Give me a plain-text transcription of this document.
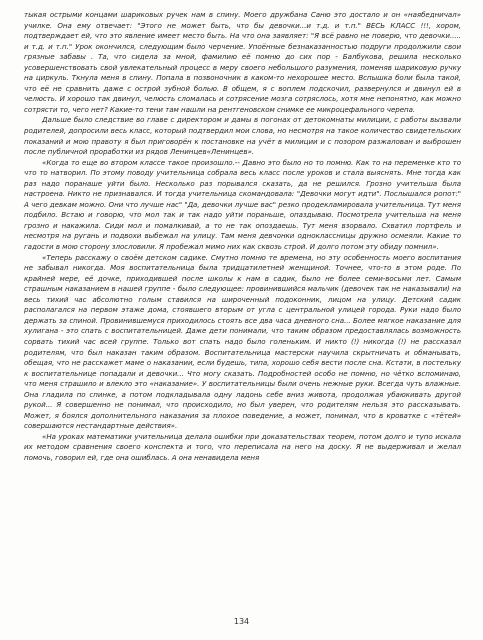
тыкая острыми концами шариковых ручек нам в спину. Моего дружбана Саню это достало и он «наябедничал» училке. Она ему отвечает: "Этого не может быть, что бы девочки...и т.д. и т.п." ВЕСЬ КЛАСС !!!, хором, подтверждает ей, что это явление имеет место быть. На что она заявляет: "Я всё равно не поверю, что девочки..... и т.д. и т.п." Урок окончился, следующим было черчение. Упоённые безнаказанностью подруги продолжили свои грязные забавы . Та, что сидела за мной, фамилию её помню до сих пор - Балбукова, решила несколько усовершенствовать свой увлекательный процесс в меру своего небольшого разумения, поменяв шариковую ручку на циркуль. Ткнула меня в спину. Попала в позвоночник в каком-то нехорошее место. Вспышка боли была такой, что её не сравнить даже с острой зубной болью. В общем, я с воплем подскочил, развернулся и двинул ей в челюсть. И хорошо так двинул, челюсть сломалась и сотрясение мозга сотряслось, хотя мне непонятно, как можно сотрясти то, чего нет? Какие-то тени там нашли на рентгеновском снимке ее микроцефального черепа.

Дальше было следствие во главе с директором и дамы в погонах от детокомнаты милиции, с работы вызвали родителей, допросили весь класс, который подтвердил мои слова, но несмотря на такое количество свидетельских показаний и мою правоту я был приговорён к постановке на учёт в милиции и с позором разжалован и выброшен после публичной проработки из рядов Ленинцев«Ленинцев».

«Когда то еще во втором классе такое произошло.-- Давно это было но то помню. Как то на переменке кто то что то натворил. По этому поводу учительница собрала весь класс после уроков и стала выяснять. Мне тогда как раз надо поранаше уйти было. Несколько раз порывался сказать, да не решился. Грозно учительша была настроена. Никто не признавался. И тогда учительница скомандовала: "Девочки могут идти". Послышался ропот:" А чего девкам можно. Они что лучше нас" "Да, девочки лучше вас" резко продекламировала учительница. Тут меня подбило. Встаю и говорю, что мол так и так надо уйти пораньше, опаздываю. Посмотрела учительша на меня грозно и накажила. Сиди мол и помалкивай, а то не так опоздаешь. Тут меня взорвало. Схватил портфель и несмотря на ругань и подвохи выбежал на улицу. Там меня девчонки одноклассницы дружно осмеяли. Какие то гадости в мою сторону злословили. Я пробежал мимо них как сквозь строй. И долго потом эту обиду помнил».

«Теперь расскажу о своём детском садике. Смутно помню те времена, но эту особенность моего воспитания не забывал никогда. Моя воспитательница была тридцатилетней женщиной. Точнее, что-то в этом роде. По крайней мере, её дочке, приходившей после школы к нам в садик, было не более семи-восьми лет. Самым страшным наказанием в нашей группе - было следующее: провинившийся мальчик (девочек так не наказывали) на весь тихий час абсолютно голым ставился на широченный подоконник, лицом на улицу. Детский садик располагался на первом этаже дома, стоявшего вторым от угла с центральной улицей города. Руки надо было держать за спиной. Провинившемуся приходилось стоять все два часа дневного сна... Более мягкое наказание для хулигана - это спать с воспитательницей. Даже дети понимали, что таким образом предоставлялась возможность сорвать тихий час всей группе. Только вот спать надо было голеньким. И никто (!) никогда (!) не рассказал родителям, что был наказан таким образом. Воспитательница мастерски научила скрытничать и обманывать, обещая, что не расскажет маме о наказании, если будешь, типа, хорошо себя вести после сна. Кстати, в постельку к воспитательнице попадали и девочки... Что могу сказать. Подробностей особо не помню, но чётко вспоминаю, что меня страшило и влекло это «наказание». У воспитательницы были очень нежные руки. Всегда чуть влажные. Она гладила по спинке, а потом подкладывала одну ладонь себе вниз живота, продолжая убаюкивать другой рукой... Я совершенно не понимал, что происходило, но был уверен, что родителям нельзя это рассказывать. Может, я боялся дополнительного наказания за плохое поведение, а может, понимал, что в кроватке с «тётей» совершаются нестандартные действия».

«На уроках математики учительница делала ошибки при доказательствах теорем, потом долго и тупо искала их методом сравнения своего конспекта и того, что переписала на него на доску. Я не выдерживал и желал помочь, говорил ей, где она ошиблась. А она ненавидела меня

134
